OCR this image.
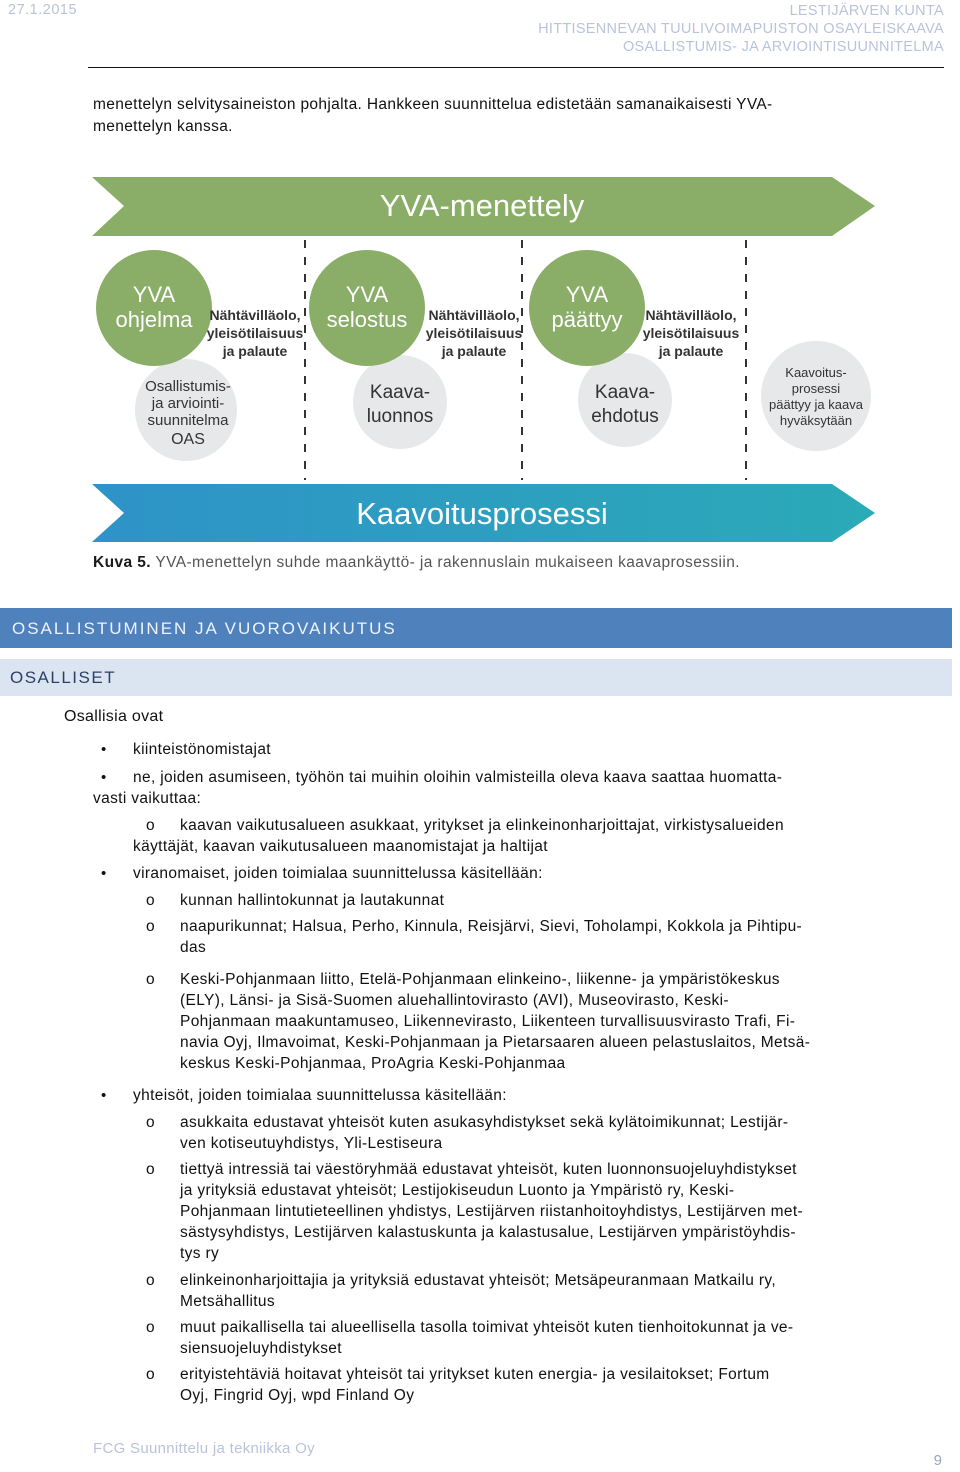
27.1.2015	LESTIJÄRVEN KUNTA
HITTISENNEVAN TUULIVOIMAPUISTON OSAYLEISKAAVA
OSALLISTUMIS- JA ARVIOINTISUUNNITELMA
menettelyn selvitysaineiston pohjalta. Hankkeen suunnittelua edistetään samanaikaisesti YVA-
menettelyn kanssa.
YVA-menettely
Kaavoitusprosessi
YVA
ohjelma
YVA
selostus
YVA
päättyy
Nähtävilläolo,
yleisötilaisuus
ja palaute
Nähtävilläolo,
yleisötilaisuus
ja palaute
Nähtävilläolo,
yleisötilaisuus
ja palaute
Osallistumis-
ja arviointi-
suunnitelma
OAS
Kaava-
luonnos
Kaava-
ehdotus
Kaavoitus-
prosessi
päättyy ja kaava
hyväksytään
Kuva 5. YVA-menettelyn suhde maankäyttö- ja rakennuslain mukaiseen kaavaprosessiin.
OSALLISTUMINEN JA VUOROVAIKUTUS
OSALLISET
Osallisia ovat
• kiinteistönomistajat
• ne, joiden asumiseen, työhön tai muihin oloihin valmisteilla oleva kaava saattaa huomatta-
vasti vaikuttaa:
o kaavan vaikutusalueen asukkaat, yritykset ja elinkeinonharjoittajat, virkistysalueiden
käyttäjät, kaavan vaikutusalueen maanomistajat ja haltijat
• viranomaiset, joiden toimialaa suunnittelussa käsitellään:
o kunnan hallintokunnat ja lautakunnat
o naapurikunnat; Halsua, Perho, Kinnula, Reisjärvi, Sievi, Toholampi, Kokkola ja Pihtipu-
das
o Keski-Pohjanmaan liitto, Etelä-Pohjanmaan elinkeino-, liikenne- ja ympäristökeskus
(ELY), Länsi- ja Sisä-Suomen aluehallintovirasto (AVI), Museovirasto, Keski-
Pohjanmaan maakuntamuseo, Liikennevirasto, Liikenteen turvallisuusvirasto Trafi, Fi-
navia Oyj, Ilmavoimat, Keski-Pohjanmaan ja Pietarsaaren alueen pelastuslaitos, Metsä-
keskus Keski-Pohjanmaa, ProAgria Keski-Pohjanmaa
• yhteisöt, joiden toimialaa suunnittelussa käsitellään:
o asukkaita edustavat yhteisöt kuten asukasyhdistykset sekä kylätoimikunnat; Lestijär-
ven kotiseutuyhdistys, Yli-Lestiseura
o tiettyä intressiä tai väestöryhmää edustavat yhteisöt, kuten luonnonsuojeluyhdistykset
ja yrityksiä edustavat yhteisöt; Lestijokiseudun Luonto ja Ympäristö ry, Keski-
Pohjanmaan lintutieteellinen yhdistys, Lestijärven riistanhoitoyhdistys, Lestijärven met-
sästysyhdistys, Lestijärven kalastuskunta ja kalastusalue, Lestijärven ympäristöyhdis-
tys ry
o elinkeinonharjoittajia ja yrityksiä edustavat yhteisöt; Metsäpeuranmaan Matkailu ry,
Metsähallitus
o muut paikallisella tai alueellisella tasolla toimivat yhteisöt kuten tienhoitokunnat ja ve-
siensuojeluyhdistykset
o erityistehtäviä hoitavat yhteisöt tai yritykset kuten energia- ja vesilaitokset; Fortum
Oyj, Fingrid Oyj, wpd Finland Oy
FCG Suunnittelu ja tekniikka Oy
9
